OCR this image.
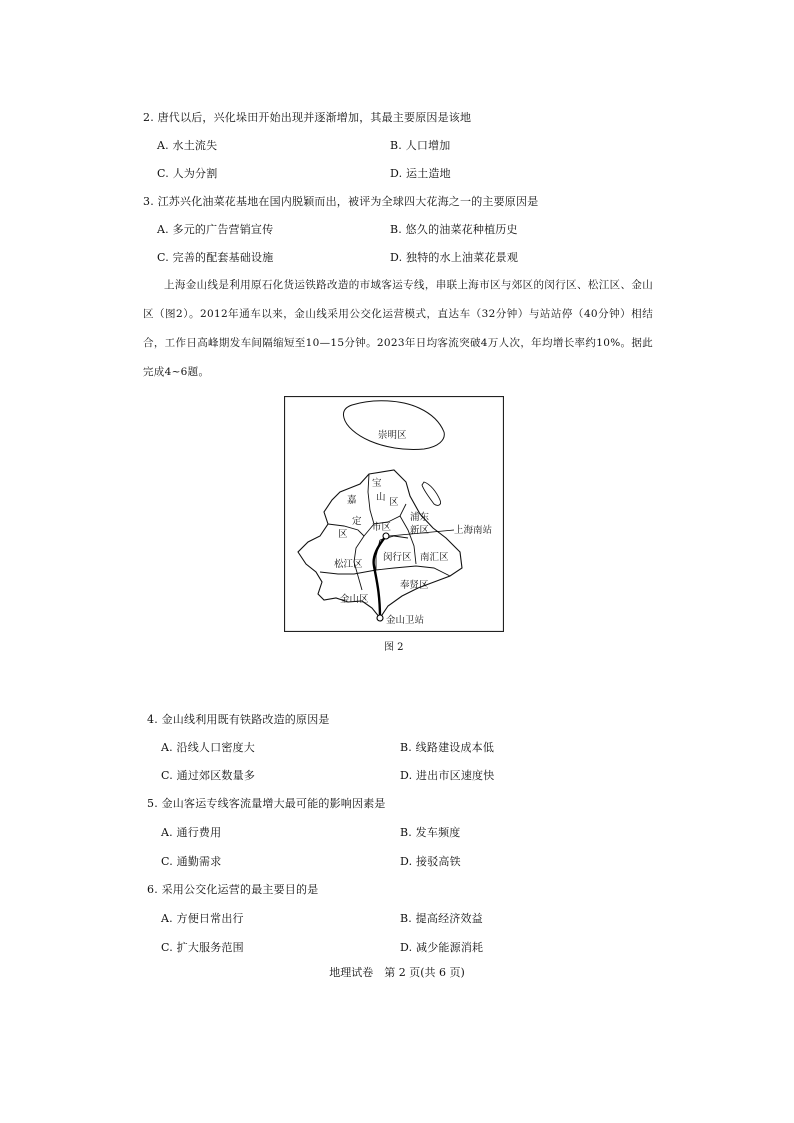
2. 唐代以后，兴化垛田开始出现并逐渐增加，其最主要原因是该地
A. 水土流失	B. 人口增加
C. 人为分割	D. 运土造地
3. 江苏兴化油菜花基地在国内脱颖而出，被评为全球四大花海之一的主要原因是
A. 多元的广告营销宣传	B. 悠久的油菜花种植历史
C. 完善的配套基础设施	D. 独特的水上油菜花景观
上海金山线是利用原石化货运铁路改造的市域客运专线，串联上海市区与郊区的闵行区、松江区、金山区（图2）。2012年通车以来，金山线采用公交化运营模式，直达车（32分钟）与站站停（40分钟）相结合，工作日高峰期发车间隔缩短至10—15分钟。2023年日均客流突破4万人次，年均增长率约10%。据此完成4~6题。
崇明区
宝
山 区
嘉
定
区
浦东
新区
市区	上海南站
闵行区 南汇区
松江区
奉贤区
金山区
金山卫站
图 2
4. 金山线利用既有铁路改造的原因是
A. 沿线人口密度大	B. 线路建设成本低
C. 通过郊区数量多	D. 进出市区速度快
5. 金山客运专线客流量增大最可能的影响因素是
A. 通行费用	B. 发车频度
C. 通勤需求	D. 接驳高铁
6. 采用公交化运营的最主要目的是
A. 方便日常出行	B. 提高经济效益
C. 扩大服务范围	D. 减少能源消耗
地理试卷　第 2 页(共 6 页)
